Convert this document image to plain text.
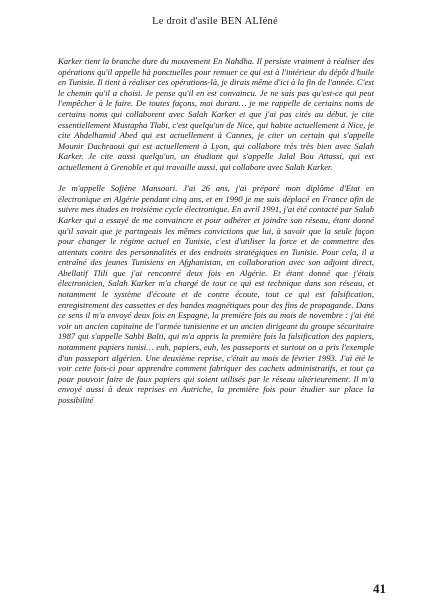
Le droit d'asile BEN ALIéné

Karker tient la branche dure du mouvement En Nahdha. Il persiste vraiment à réaliser des opérations qu'il appelle hà ponctuelles pour remuer ce qui est à l'intérieur du dépôt d'huile en Tunisie. Il tient à réaliser ces opérations-là, je dirais même d'ici à la fin de l'année. C'est le chemin qu'il a choisi. Je pense qu'il en est convaincu. Je ne sais pas qu'est-ce qui peut l'empêcher à le faire. De toutes façons, moi durant… je me rappelle de certains noms de certains noms qui collaborent avec Salah Karker et que j'ai pas cités au début. je cite essentiellement Mustapha Tlabi, c'est quelqu'un de Nice, qui habite actuellement à Nice, je cite Abdelhamid Abed qui est actuellement à Cannes, je citer un certain qui s'appelle Mounir Dachraoui qui est actuellement à Lyon, qui collabore très très bien avec Salah Karker. Je cite aussi quelqu'un, un étudiant qui s'appelle Jalal Bou Attassi, qui est actuellement à Grenoble et qui travaille aussi, qui collabore avec Salah Karker.

Je m'appelle Sofiène Mansouri. J'ai 26 ans, j'ai préparé mon diplôme d'Etat en électronique en Algérie pendant cinq ans, et en 1990 je me suis déplacé en France afin de suivre mes études en troisième cycle électronique. En avril 1991, j'ai été contacté par Salah Karker qui a essayé de me convaincre et pour adhérer et joindre son réseau, étant donné qu'il savait que je partageais les mêmes convictions que lui, à savoir que la seule façon pour changer le régime actuel en Tunisie, c'est d'utiliser la force et de commettre des attentats contre des personnalités et des endroits stratégiques en Tunisie. Pour cela, il a entraîné des jeunes Tunisiens en Afghanistan, en collaboration avec son adjoint direct, Abellatif Tlili que j'ai rencontré deux fois en Algérie. Et étant donné que j'étais électronicien, Salah Karker m'a chargé de tout ce qui est technique dans son réseau, et notamment le système d'écoute et de contre écoute, tout ce qui est falsification, enregistrement des cassettes et des bandes magnétiques pour des fins de propagande. Dans ce sens il m'a envoyé deux fois en Espagne, la première fois au mois de novembre : j'ai été voir un ancien capitaine de l'armée tunisienne et un ancien dirigeant du groupe sécuritaire 1987 qui s'appelle Sahbi Balti, qui m'a appris la première fois la falsification des papiers, notamment papiers tunisi… euh, papiers, euh, les passeports et surtout on a pris l'exemple d'un passeport algérien. Une deuxième reprise, c'était au mois de février 1993. J'ai été le voir cette fois-ci pour apprendre comment fabriquer des cachets administratifs, et tout ça pour pouvoir faire de faux papiers qui soient utilisés par le réseau ultérieurement. Il m'a envoyé aussi à deux reprises en Autriche, la première fois pour étudier sur place la possibilité

41
